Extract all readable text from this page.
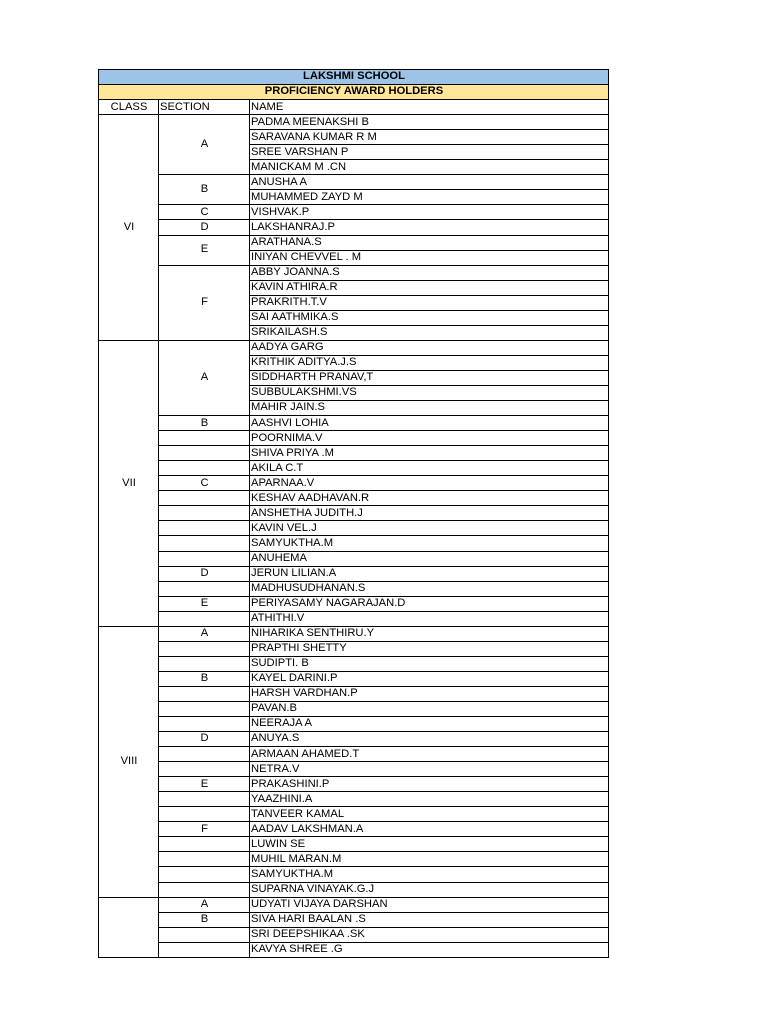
LAKSHMI SCHOOL		
PROFICIENCY AWARD HOLDERS		
CLASS	SECTION	NAME
VI	A	PADMA MEENAKSHI B
		SARAVANA KUMAR R M
		SREE VARSHAN P
		MANICKAM M .CN
	B	ANUSHA A
		MUHAMMED ZAYD M
	C	VISHVAK.P
	D	LAKSHANRAJ.P
	E	ARATHANA.S
		INIYAN CHEVVEL . M
	F	ABBY JOANNA.S
		KAVIN ATHIRA.R
		PRAKRITH.T.V
		SAI AATHMIKA.S
		SRIKAILASH.S
VII	A	AADYA GARG
		KRITHIK ADITYA.J.S
		SIDDHARTH PRANAV,T
		SUBBULAKSHMI.VS
		MAHIR JAIN.S
	B	AASHVI LOHIA
		POORNIMA.V
		SHIVA PRIYA .M
		AKILA C.T
	C	APARNAA.V
		KESHAV AADHAVAN.R
		ANSHETHA JUDITH.J
		KAVIN VEL.J
		SAMYUKTHA.M
		ANUHEMA
	D	JERUN LILIAN.A
		MADHUSUDHANAN.S
	E	PERIYASAMY NAGARAJAN.D
		ATHITHI.V
VIII	A	NIHARIKA SENTHIRU.Y
		PRAPTHI SHETTY
		SUDIPTI. B
	B	KAYEL DARINI.P
		HARSH VARDHAN.P
		PAVAN.B
		NEERAJA A
	D	ANUYA.S
		ARMAAN AHAMED.T
		NETRA.V
	E	PRAKASHINI.P
		YAAZHINI.A
		TANVEER KAMAL
	F	AADAV LAKSHMAN.A
		LUWIN SE
		MUHIL MARAN.M
		SAMYUKTHA.M
		SUPARNA VINAYAK.G.J
	A	UDYATI VIJAYA DARSHAN
	B	SIVA HARI BAALAN .S
		SRI DEEPSHIKAA .SK
		KAVYA SHREE .G
